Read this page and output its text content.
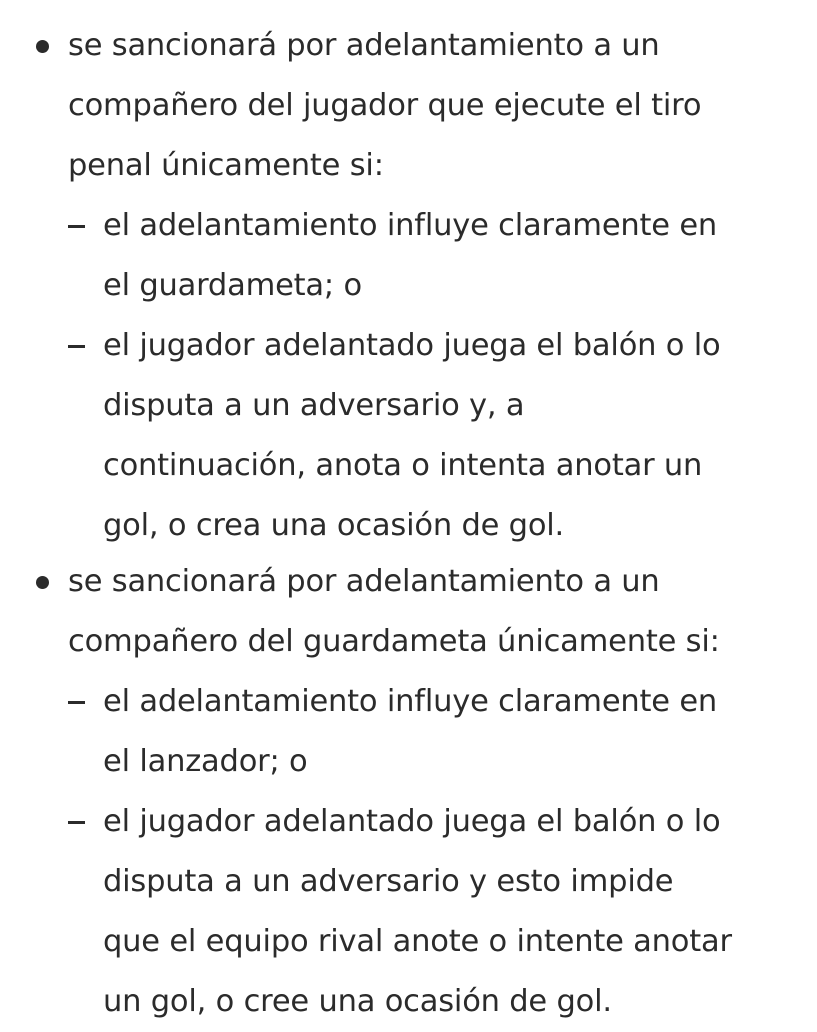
se sancionará por adelantamiento a un
compañero del jugador que ejecute el tiro
penal únicamente si:
el adelantamiento influye claramente en
el guardameta; o
el jugador adelantado juega el balón o lo
disputa a un adversario y, a
continuación, anota o intenta anotar un
gol, o crea una ocasión de gol.
se sancionará por adelantamiento a un
compañero del guardameta únicamente si:
el adelantamiento influye claramente en
el lanzador; o
el jugador adelantado juega el balón o lo
disputa a un adversario y esto impide
que el equipo rival anote o intente anotar
un gol, o cree una ocasión de gol.
